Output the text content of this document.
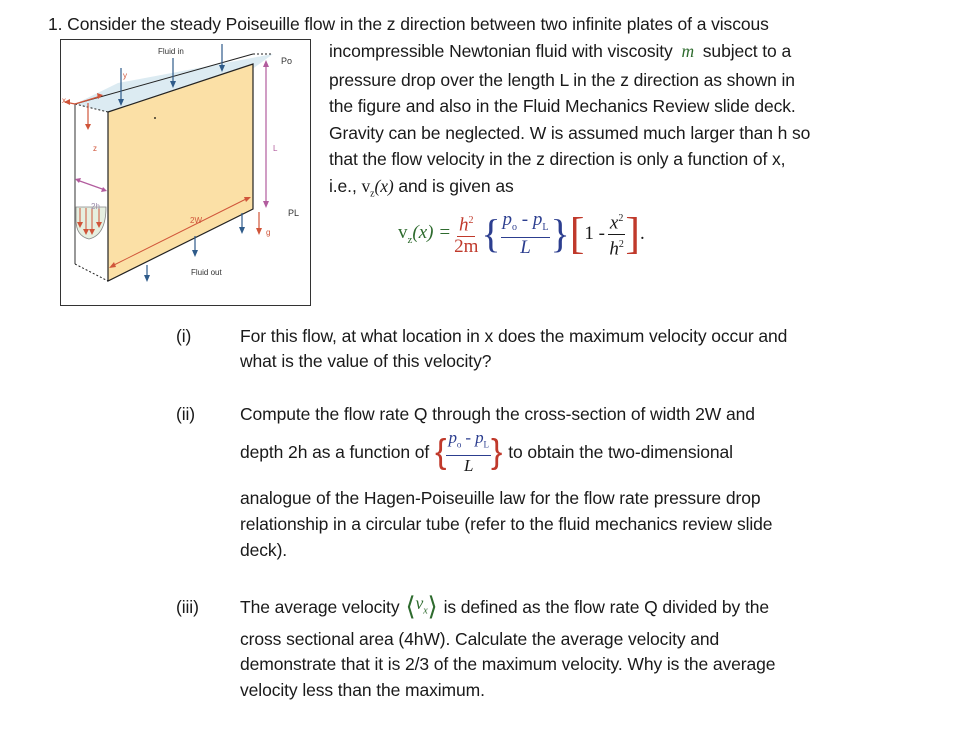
1. Consider the steady Poiseuille flow in the z direction between two infinite plates of a viscous
Fluid in
Po
L
PL
x
y
z
2h
2W
g
Fluid out
incompressible Newtonian fluid with viscosity m subject to a
pressure drop over the length L in the z direction as shown in
the figure and also in the Fluid Mechanics Review slide deck.
Gravity can be neglected. W is assumed much larger than h so
that the flow velocity in the z direction is only a function of x,
i.e., $v_z(x)$ and is given as
$v_z(x) = \frac{h^2}{2m}$ { $\frac{p_o - p_L}{L}$ } [ $1 - \frac{x^2}{h^2}$ ] .
(i)	For this flow, at what location in x does the maximum velocity occur and
what is the value of this velocity?
(ii)	Compute the flow rate Q through the cross-section of width 2W and
depth 2h as a function of { $\frac{p_o - p_L}{L}$ } to obtain the two-dimensional
analogue of the Hagen-Poiseuille law for the flow rate pressure drop
relationship in a circular tube (refer to the fluid mechanics review slide
deck).
(iii) The average velocity ⟨ $v_x$ ⟩ is defined as the flow rate Q divided by the
cross sectional area (4hW). Calculate the average velocity and
demonstrate that it is 2/3 of the maximum velocity. Why is the average
velocity less than the maximum.
